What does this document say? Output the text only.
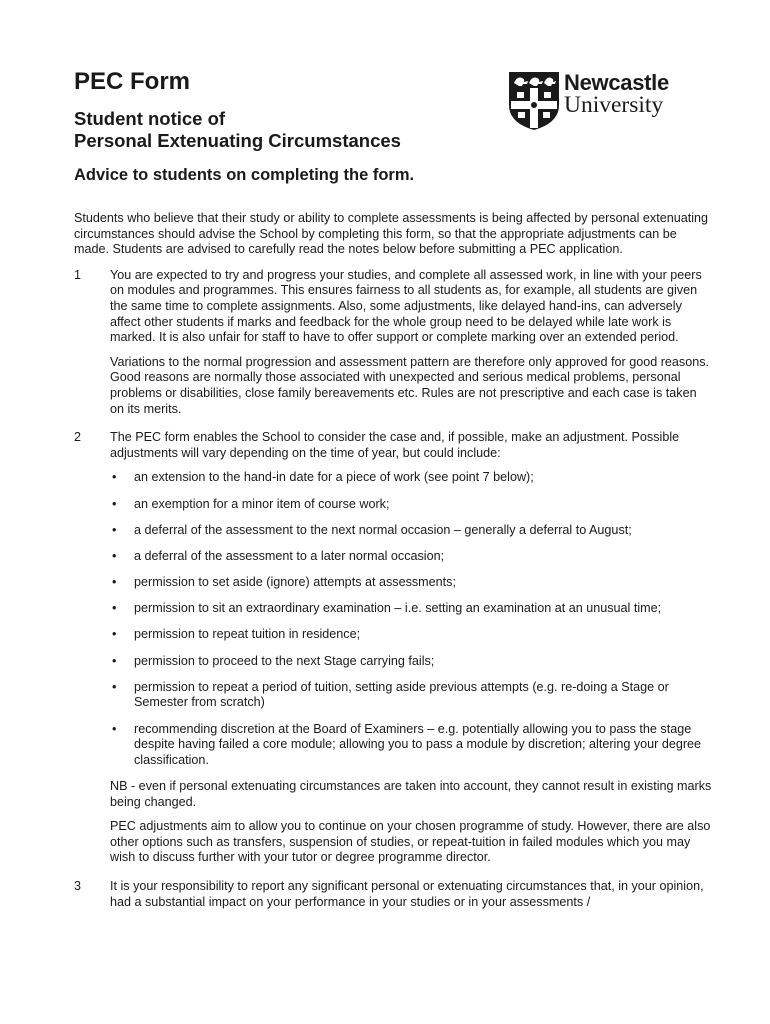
PEC Form
Student notice of
Personal Extenuating Circumstances
Advice to students on completing the form.
Newcastle
University

Students who believe that their study or ability to complete assessments is being affected by personal extenuating circumstances should advise the School by completing this form, so that the appropriate adjustments can be made. Students are advised to carefully read the notes below before submitting a PEC application.

1 You are expected to try and progress your studies, and complete all assessed work, in line with your peers on modules and programmes. This ensures fairness to all students as, for example, all students are given the same time to complete assignments. Also, some adjustments, like delayed hand-ins, can adversely affect other students if marks and feedback for the whole group need to be delayed while late work is marked. It is also unfair for staff to have to offer support or complete marking over an extended period.

Variations to the normal progression and assessment pattern are therefore only approved for good reasons. Good reasons are normally those associated with unexpected and serious medical problems, personal problems or disabilities, close family bereavements etc. Rules are not prescriptive and each case is taken on its merits.

2 The PEC form enables the School to consider the case and, if possible, make an adjustment. Possible adjustments will vary depending on the time of year, but could include:

• an extension to the hand-in date for a piece of work (see point 7 below);
• an exemption for a minor item of course work;
• a deferral of the assessment to the next normal occasion – generally a deferral to August;
• a deferral of the assessment to a later normal occasion;
• permission to set aside (ignore) attempts at assessments;
• permission to sit an extraordinary examination – i.e. setting an examination at an unusual time;
• permission to repeat tuition in residence;
• permission to proceed to the next Stage carrying fails;
• permission to repeat a period of tuition, setting aside previous attempts (e.g. re-doing a Stage or Semester from scratch)
• recommending discretion at the Board of Examiners – e.g. potentially allowing you to pass the stage despite having failed a core module; allowing you to pass a module by discretion; altering your degree classification.

NB - even if personal extenuating circumstances are taken into account, they cannot result in existing marks being changed.

PEC adjustments aim to allow you to continue on your chosen programme of study. However, there are also other options such as transfers, suspension of studies, or repeat-tuition in failed modules which you may wish to discuss further with your tutor or degree programme director.

3 It is your responsibility to report any significant personal or extenuating circumstances that, in your opinion, had a substantial impact on your performance in your studies or in your assessments /
